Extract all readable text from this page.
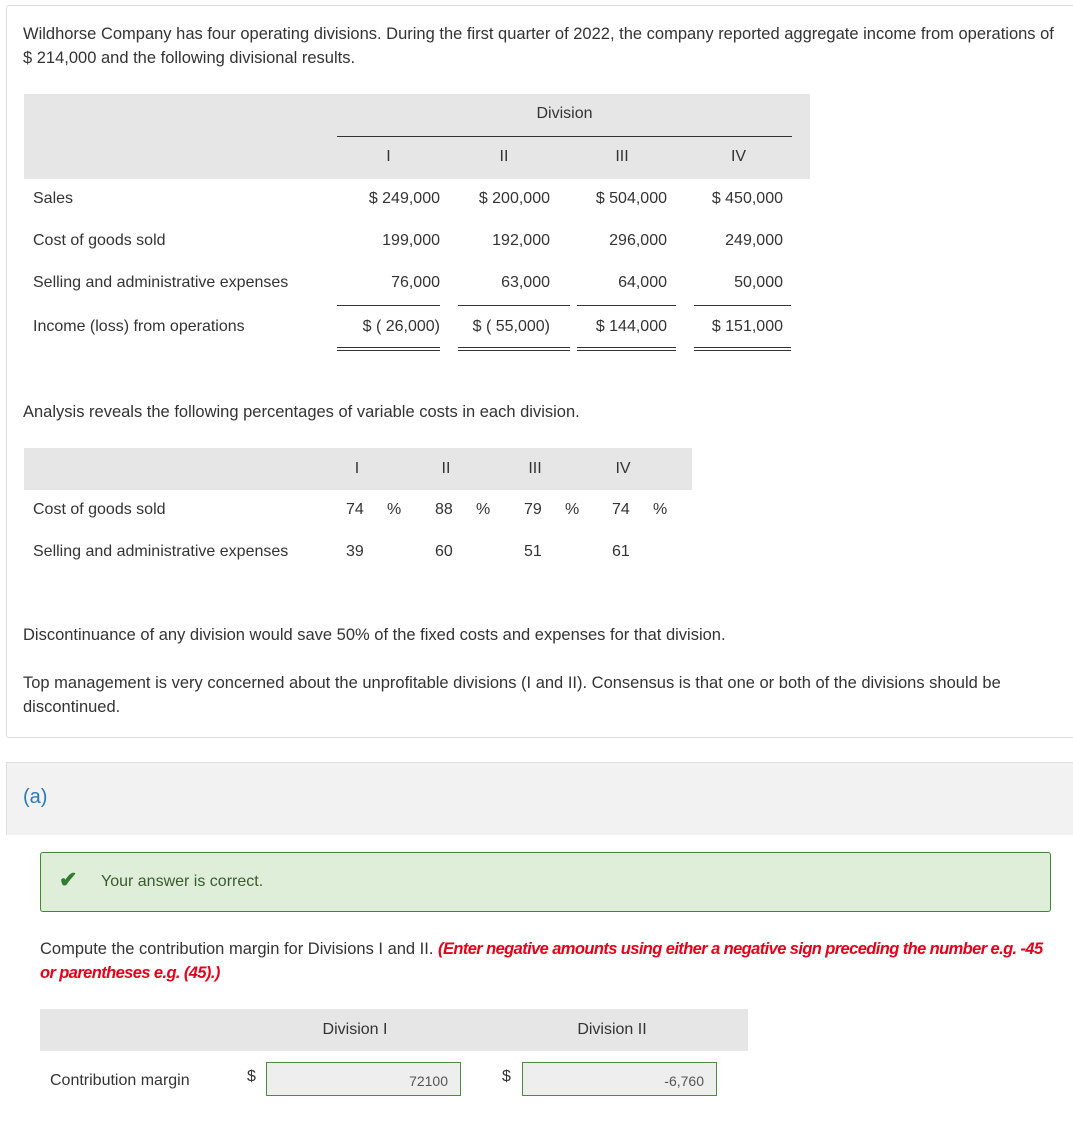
Wildhorse Company has four operating divisions. During the first quarter of 2022, the company reported aggregate income from operations of $ 214,000 and the following divisional results.
Division
I	II	III	IV
Sales	$ 249,000	$ 200,000	$ 504,000	$ 450,000
Cost of goods sold	199,000	192,000	296,000	249,000
Selling and administrative expenses	76,000	63,000	64,000	50,000
Income (loss) from operations	$ ( 26,000)	$ ( 55,000)	$ 144,000	$ 151,000
Analysis reveals the following percentages of variable costs in each division.
I	II	III	IV
Cost of goods sold	74 % 88 % 79 % 74 %
Selling and administrative expenses	39	60	51	61
Discontinuance of any division would save 50% of the fixed costs and expenses for that division.
Top management is very concerned about the unprofitable divisions (I and II). Consensus is that one or both of the divisions should be discontinued.
(a)
✔ Your answer is correct.
Compute the contribution margin for Divisions I and II. (Enter negative amounts using either a negative sign preceding the number e.g. -45 or parentheses e.g. (45).)
Division I	Division II
Contribution margin	$	72100	$	-6,760
